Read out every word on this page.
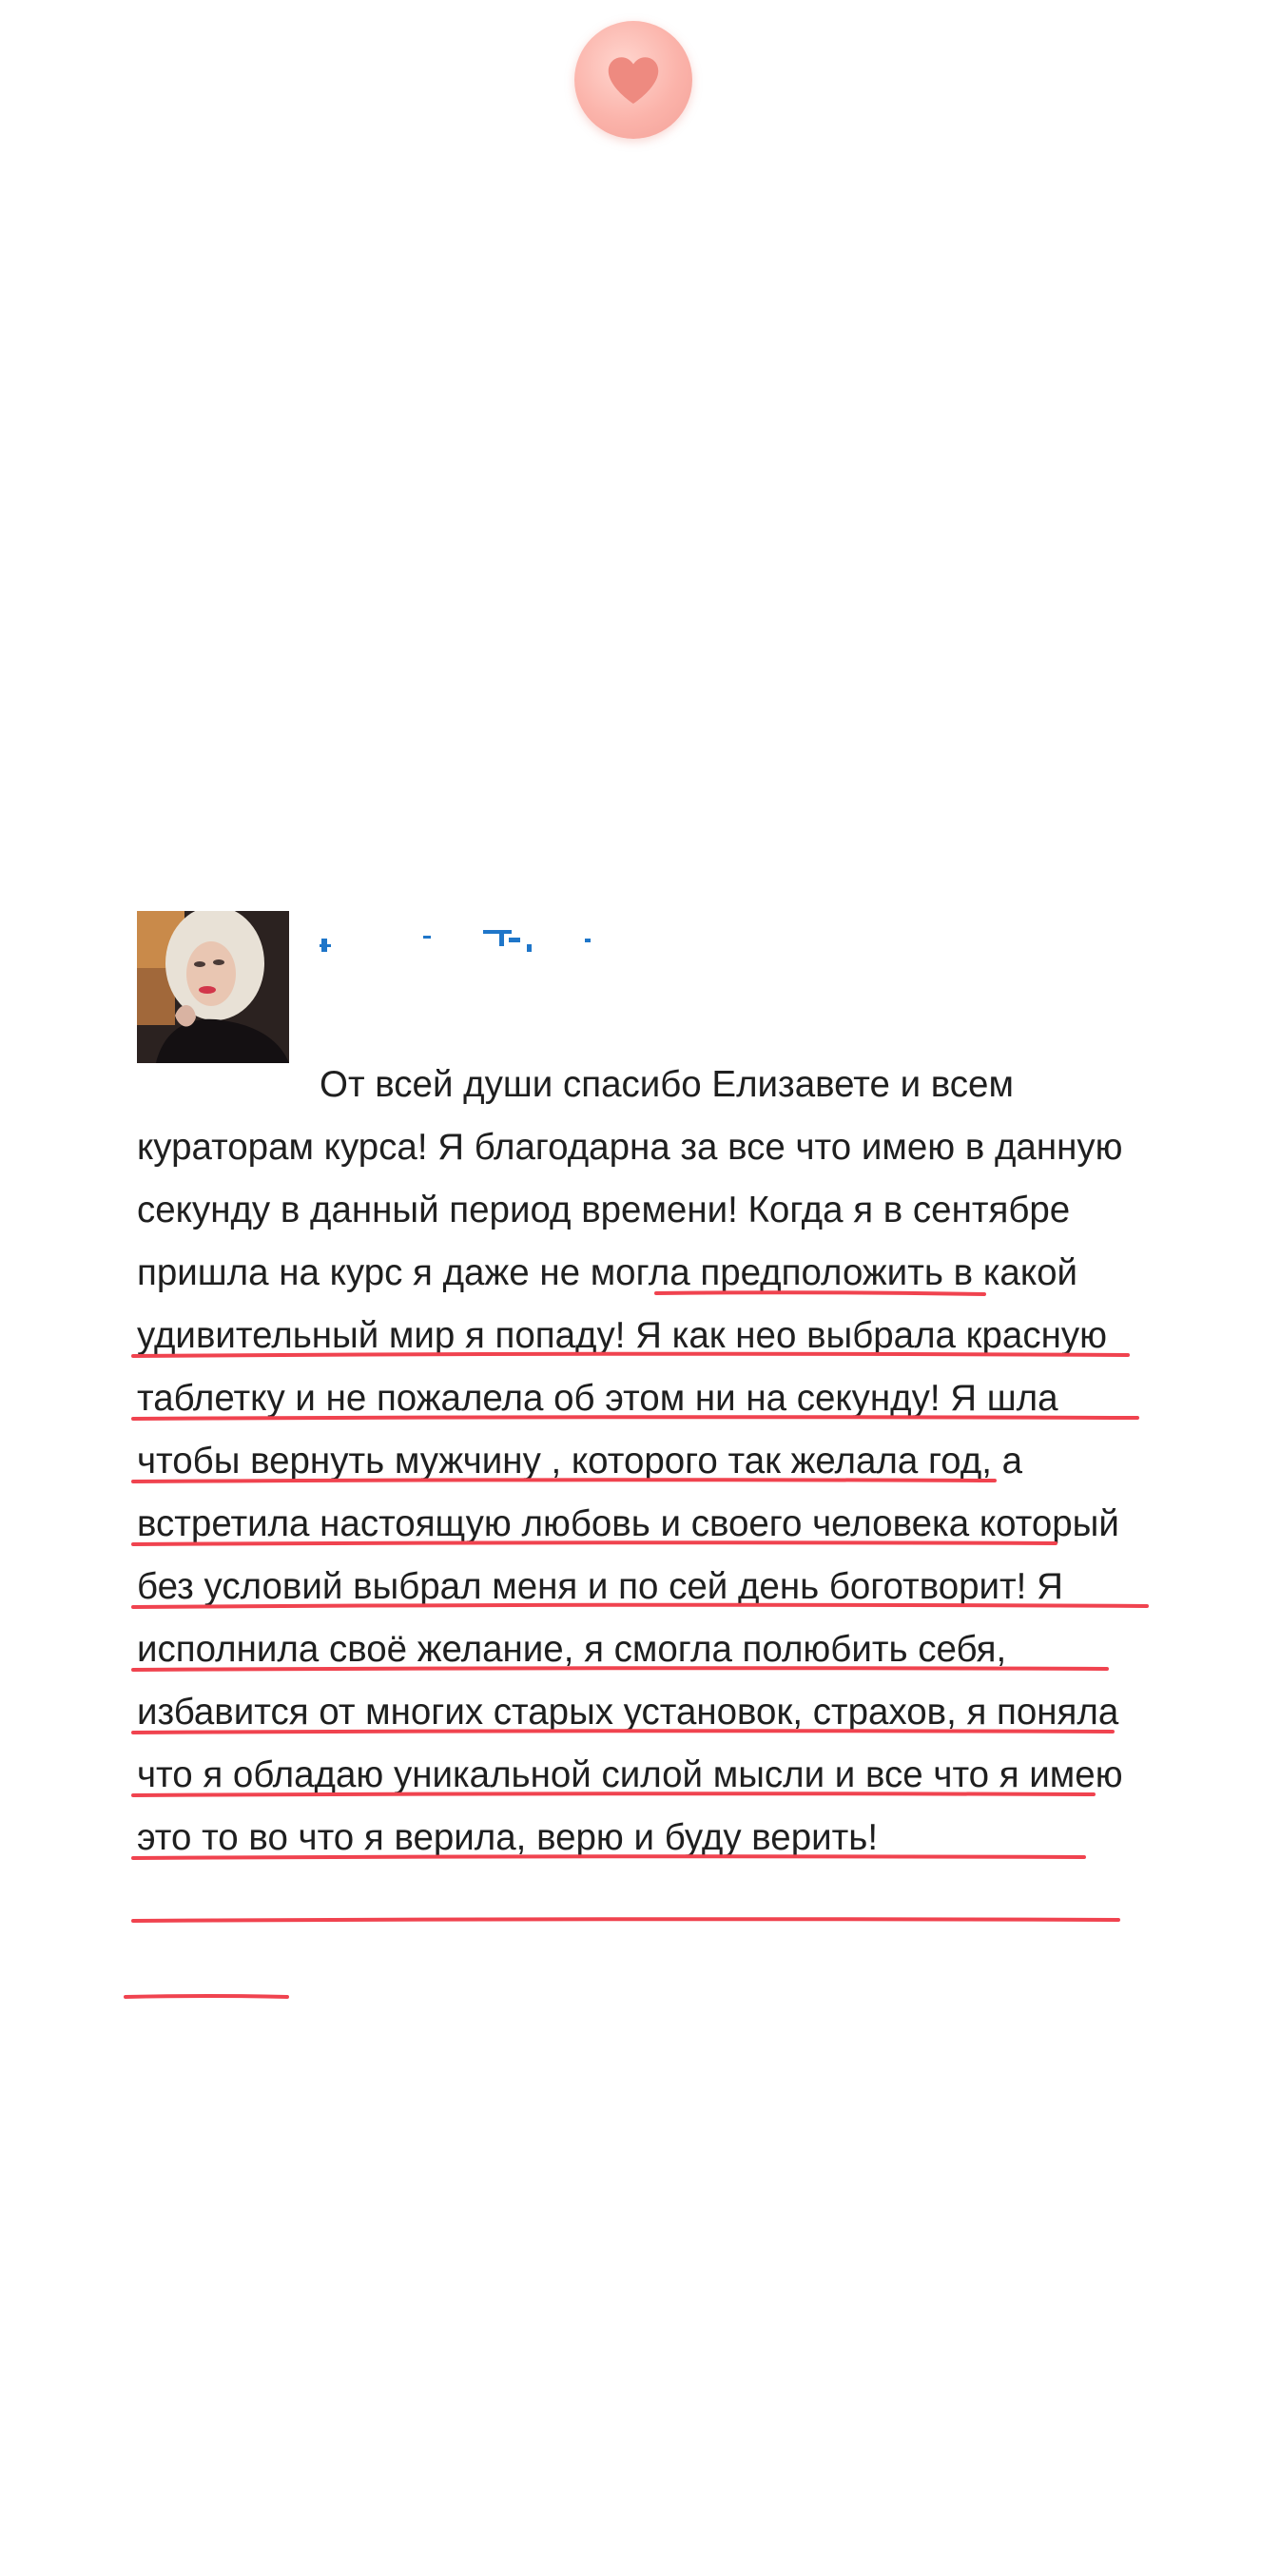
От всей души спасибо Елизавете и всем кураторам курса! Я благодарна за все что имею в данную секунду в данный период времени! Когда я в сентябре пришла на курс я даже не могла предположить в какой удивительный мир я попаду! Я как нео выбрала красную таблетку и не пожалела об этом ни на секунду! Я шла чтобы вернуть мужчину , которого так желала год, а встретила настоящую любовь и своего человека который без условий выбрал меня и по сей день боготворит! Я исполнила своё желание, я смогла полюбить себя, избавится от многих старых установок, страхов, я поняла что я обладаю уникальной силой мысли и все что я имею это то во что я верила, верю и буду верить!
